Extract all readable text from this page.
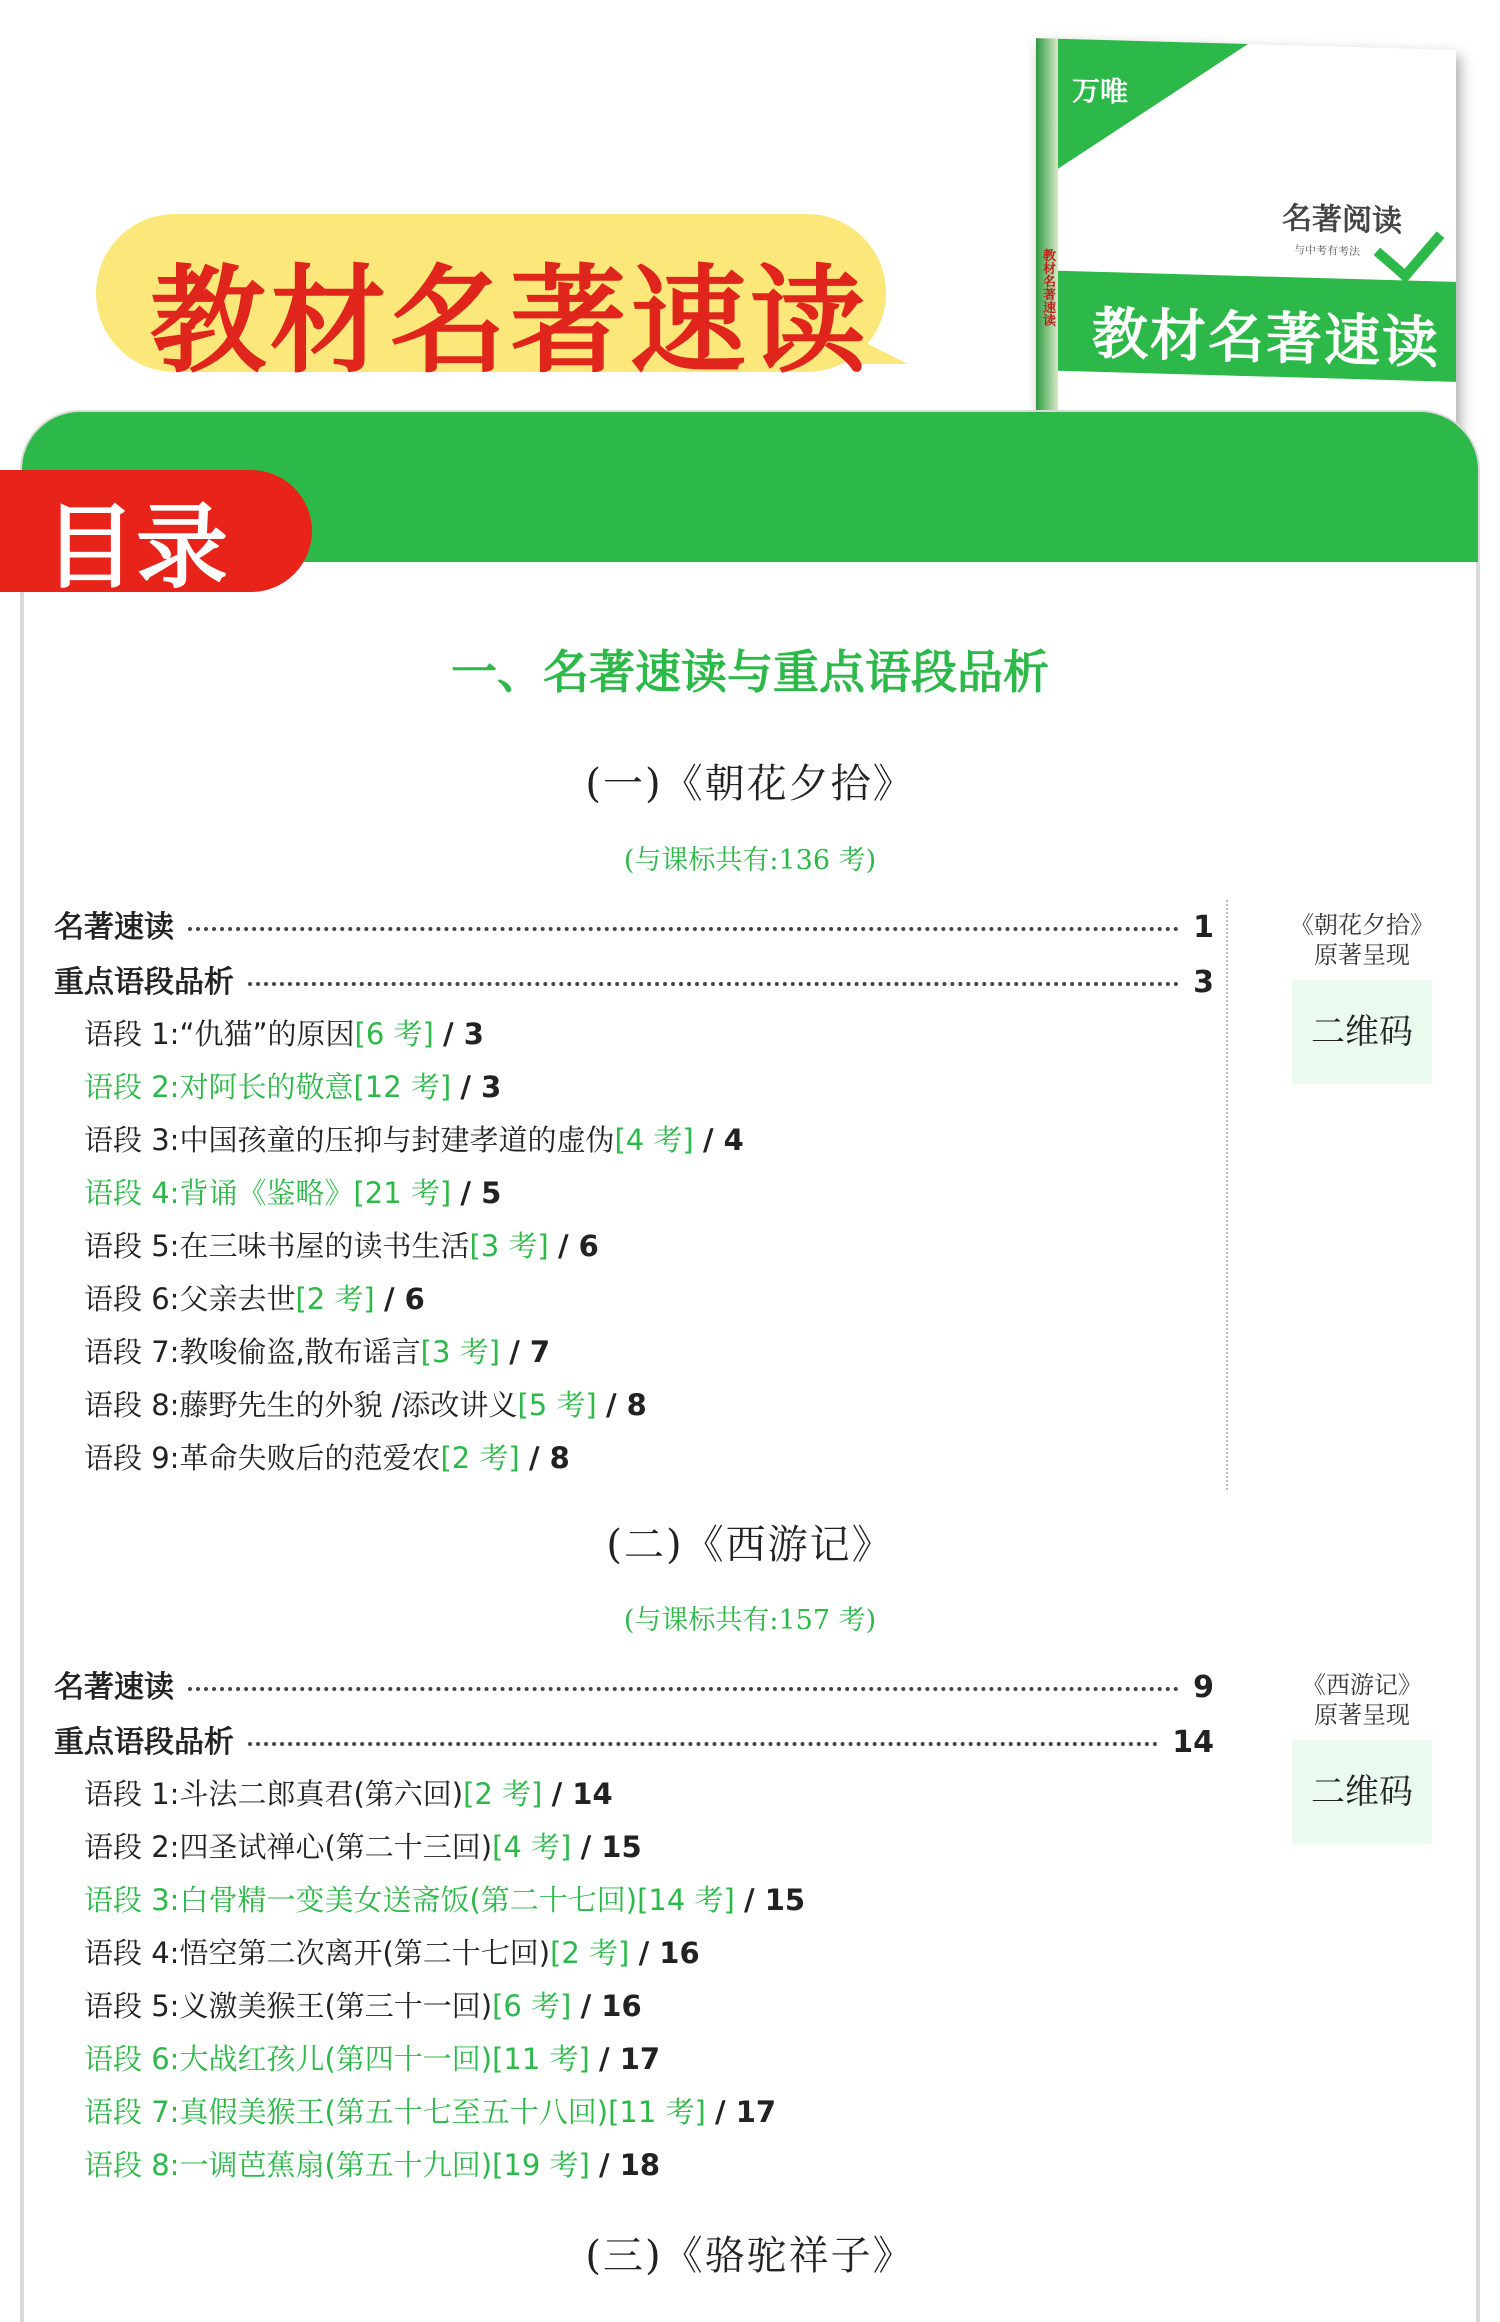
教材名著速读	教材名著速读
万唯
名著阅读
与中考有考法
教材名著速读
目录
一、名著速读与重点语段品析
(一)《朝花夕拾》
(与课标共有:136 考)
名著速读	1
重点语段品析	3
语段 1:“仇猫”的原因[6 考] / 3
语段 2:对阿长的敬意[12 考] / 3
语段 3:中国孩童的压抑与封建孝道的虚伪[4 考] / 4
语段 4:背诵《鉴略》[21 考] / 5
语段 5:在三味书屋的读书生活[3 考] / 6
语段 6:父亲去世[2 考] / 6
语段 7:教唆偷盗,散布谣言[3 考] / 7
语段 8:藤野先生的外貌 /添改讲义[5 考] / 8
语段 9:革命失败后的范爱农[2 考] / 8
《朝花夕拾》
原著呈现
二维码
(二)《西游记》
(与课标共有:157 考)
名著速读	9
重点语段品析	14
语段 1:斗法二郎真君(第六回)[2 考] / 14
语段 2:四圣试禅心(第二十三回)[4 考] / 15
语段 3:白骨精一变美女送斋饭(第二十七回)[14 考] / 15
语段 4:悟空第二次离开(第二十七回)[2 考] / 16
语段 5:义激美猴王(第三十一回)[6 考] / 16
语段 6:大战红孩儿(第四十一回)[11 考] / 17
语段 7:真假美猴王(第五十七至五十八回)[11 考] / 17
语段 8:一调芭蕉扇(第五十九回)[19 考] / 18
《西游记》
原著呈现
二维码
(三)《骆驼祥子》
